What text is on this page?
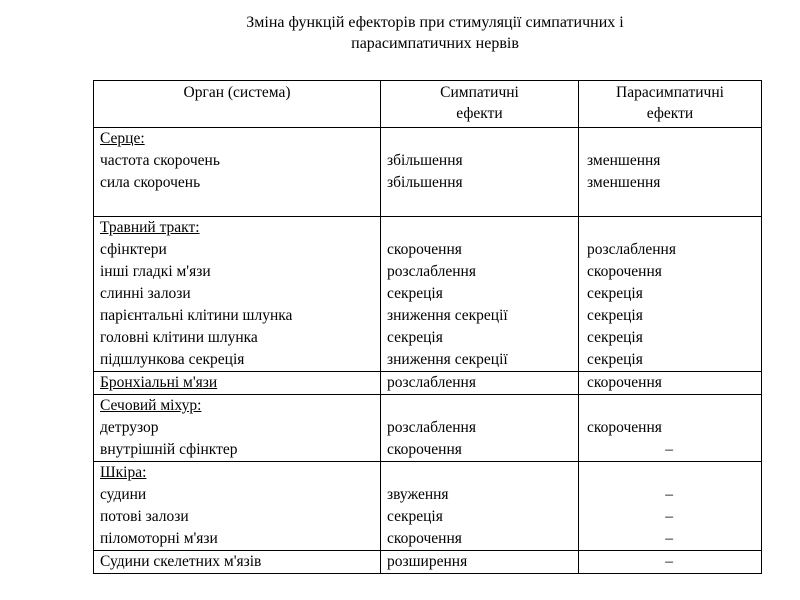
Зміна функцій ефекторів при стимуляції симпатичних і
парасимпатичних нервів
Орган (система)	Симпатичні ефекти	Парасимпатичні ефекти
Серце:		
частота скорочень	збільшення	зменшення
сила скорочень	збільшення	зменшення

Травний тракт:		
сфінктери	скорочення	розслаблення
інші гладкі м'язи	розслаблення	скорочення
слинні залози	секреція	секреція
парієнтальні клітини шлунка	зниження секреції	секреція
головні клітини шлунка	секреція	секреція
підшлункова секреція	зниження секреції	секреція
Бронхіальні м'язи	розслаблення	скорочення
Сечовий міхур:		
детрузор	розслаблення	скорочення
внутрішній сфінктер	скорочення	–
Шкіра:		
судини	звуження	–
потові залози	секреція	–
піломоторні м'язи	скорочення	–
Судини скелетних м'язів	розширення	–
